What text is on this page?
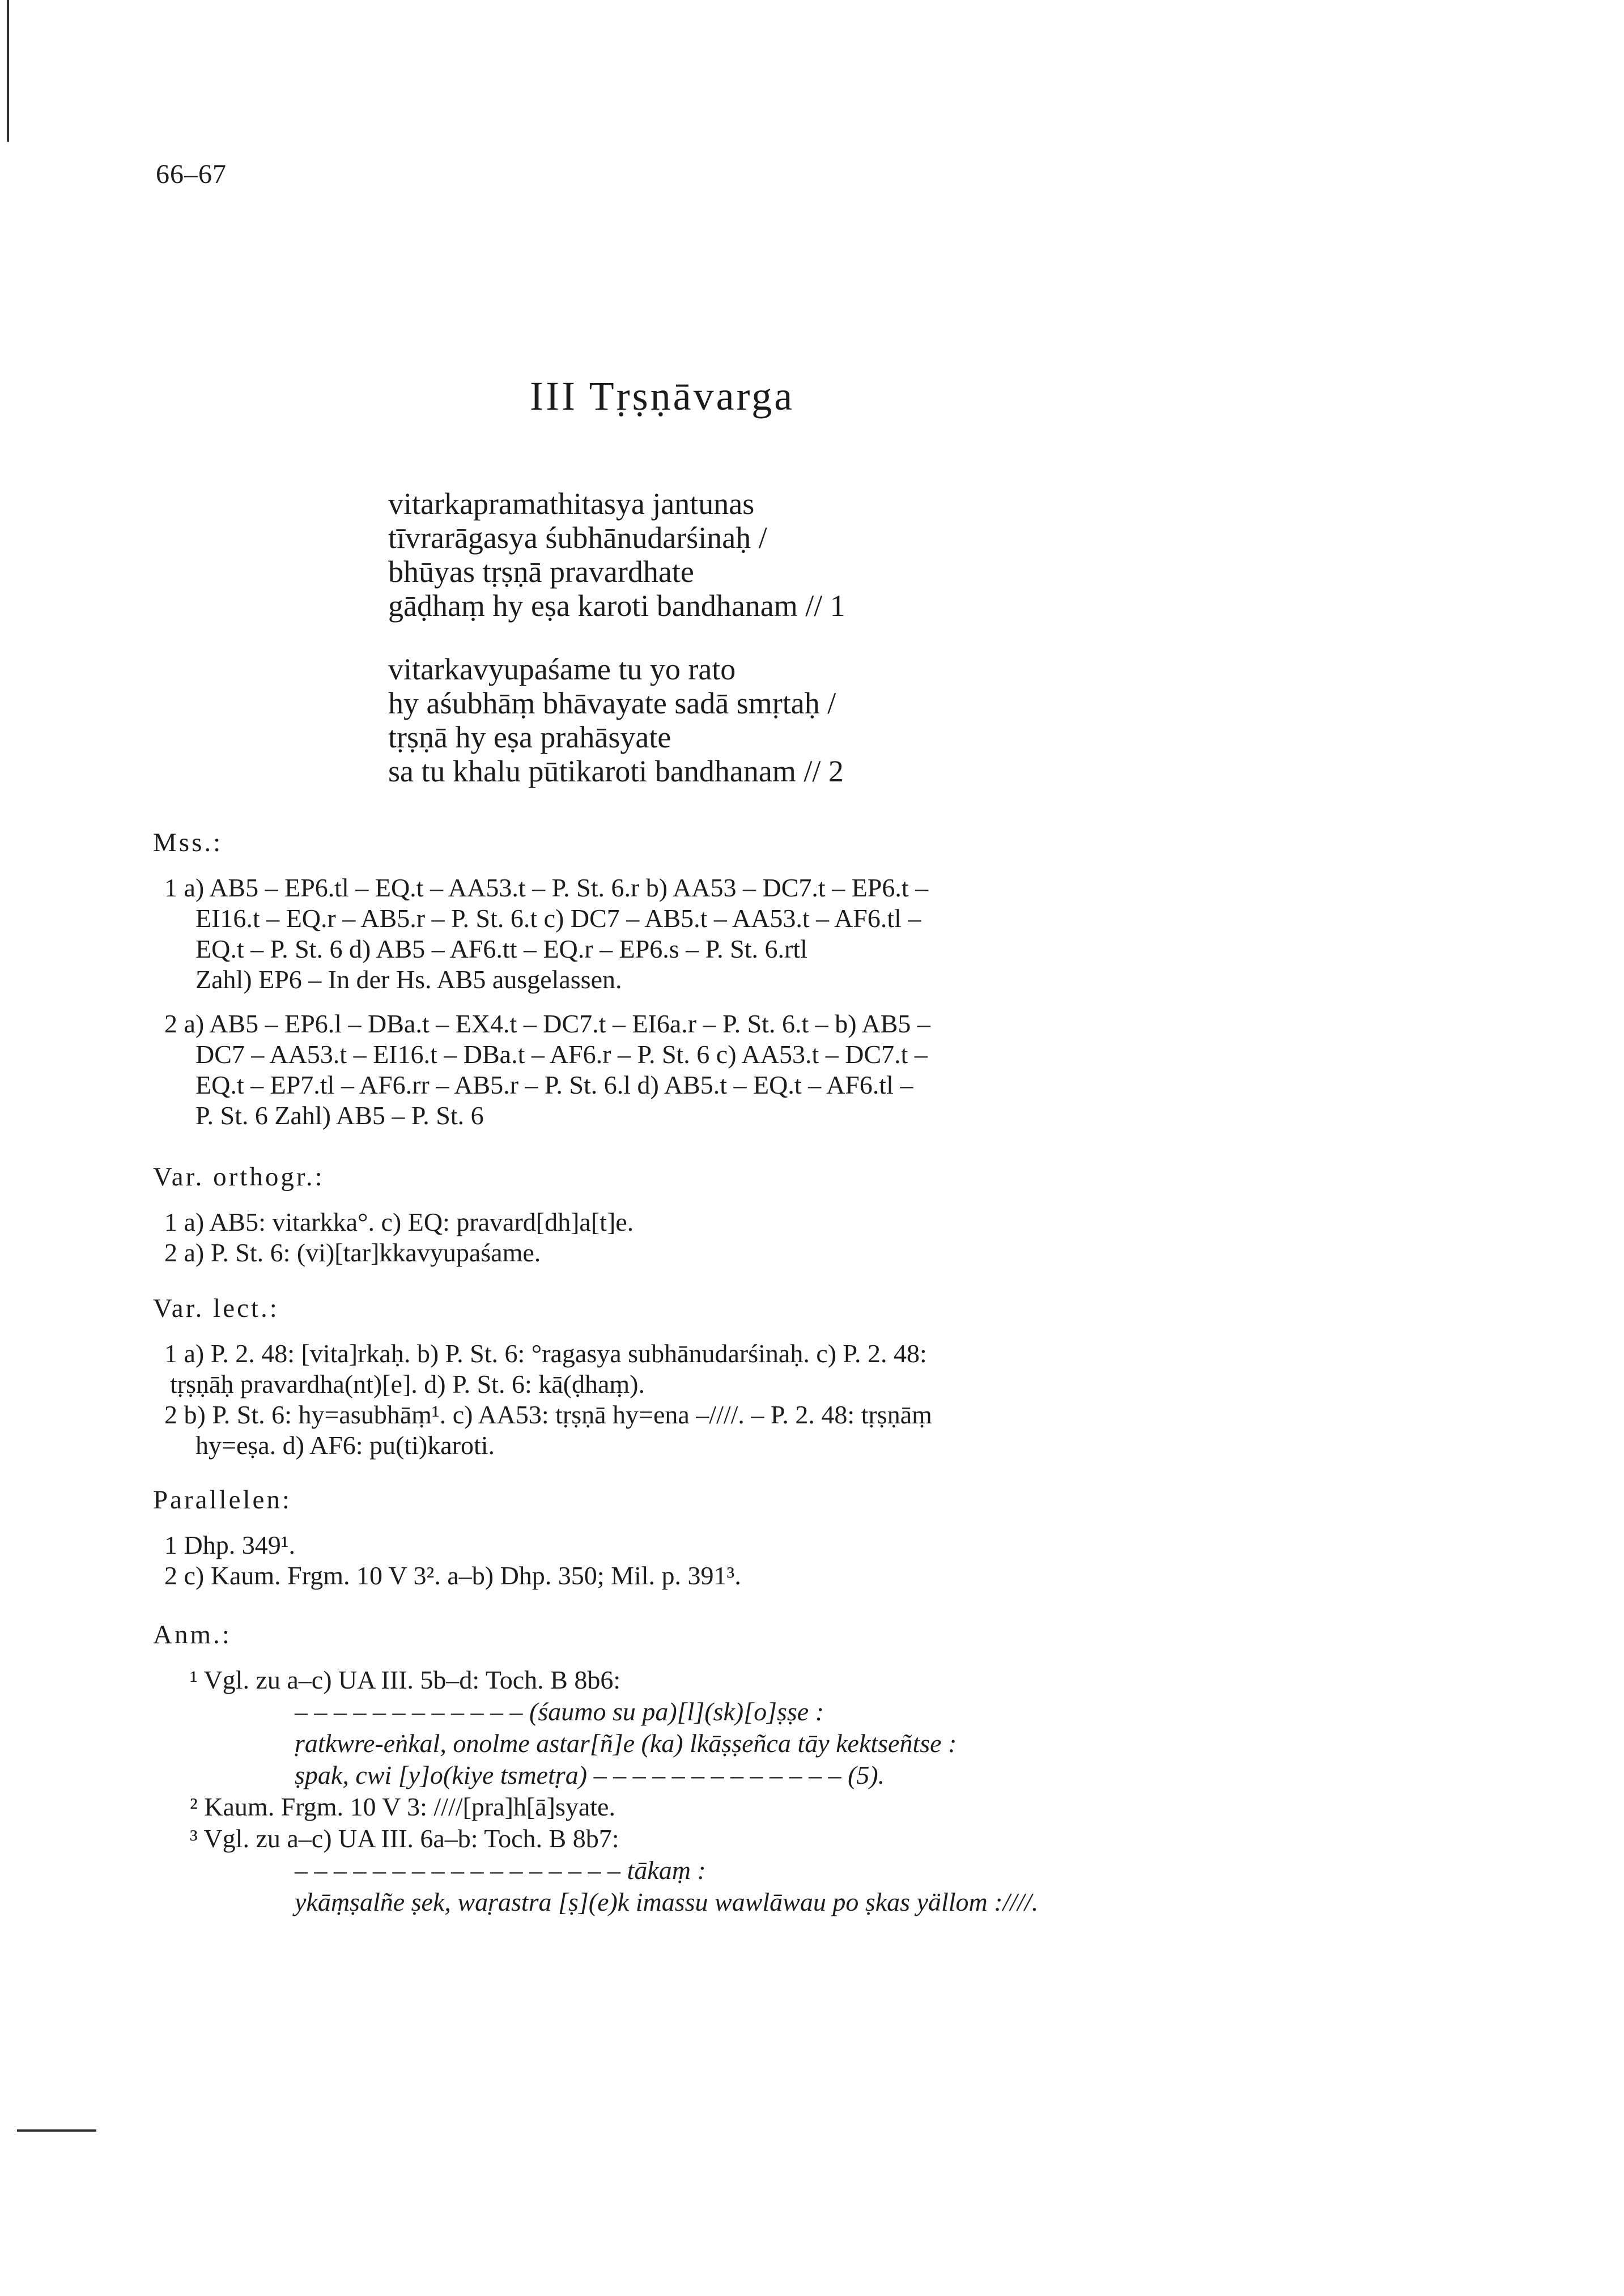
66–67
III Tṛṣṇāvarga
vitarkapramathitasya jantunas
tīvrarāgasya śubhānudarśinaḥ /
bhūyas tṛṣṇā pravardhate
gāḍhaṃ hy eṣa karoti bandhanam // 1
vitarkavyupaśame tu yo rato
hy aśubhāṃ bhāvayate sadā smṛtaḥ /
tṛṣṇā hy eṣa prahāsyate
sa tu khalu pūtikaroti bandhanam // 2
Mss.:
1 a) AB5 – EP6.tl – EQ.t – AA53.t – P. St. 6.r b) AA53 – DC7.t – EP6.t –
EI16.t – EQ.r – AB5.r – P. St. 6.t c) DC7 – AB5.t – AA53.t – AF6.tl –
EQ.t – P. St. 6 d) AB5 – AF6.tt – EQ.r – EP6.s – P. St. 6.rtl
Zahl) EP6 – In der Hs. AB5 ausgelassen.
2 a) AB5 – EP6.l – DBa.t – EX4.t – DC7.t – EI6a.r – P. St. 6.t – b) AB5 –
DC7 – AA53.t – EI16.t – DBa.t – AF6.r – P. St. 6 c) AA53.t – DC7.t –
EQ.t – EP7.tl – AF6.rr – AB5.r – P. St. 6.l d) AB5.t – EQ.t – AF6.tl –
P. St. 6 Zahl) AB5 – P. St. 6
Var. orthogr.:
1 a) AB5: vitarkka°. c) EQ: pravard[dh]a[t]e.
2 a) P. St. 6: (vi)[tar]kkavyupaśame.
Var. lect.:
1 a) P. 2. 48: [vita]rkaḥ. b) P. St. 6: °ragasya subhānudarśinaḥ. c) P. 2. 48:
tṛṣṇāḥ pravardha(nt)[e]. d) P. St. 6: kā(ḍhaṃ).
2 b) P. St. 6: hy=asubhāṃ¹. c) AA53: tṛṣṇā hy=ena –////. – P. 2. 48: tṛṣṇāṃ
hy=eṣa. d) AF6: pu(ti)karoti.
Parallelen:
1 Dhp. 349¹.
2 c) Kaum. Frgm. 10 V 3². a–b) Dhp. 350; Mil. p. 391³.
Anm.:
¹ Vgl. zu a–c) UA III. 5b–d: Toch. B 8b6:
– – – – – – – – – – – – (śaumo su pa)[l](sk)[o]ṣṣe :
ṛatkwre-eṅkal, onolme astar[ñ]e (ka) lkāṣṣeñca tāy kektseñtse :
ṣpak, cwi [y]o(kiye tsmetṛa) – – – – – – – – – – – – – (5).
² Kaum. Frgm. 10 V 3: ////[pra]h[ā]syate.
³ Vgl. zu a–c) UA III. 6a–b: Toch. B 8b7:
– – – – – – – – – – – – – – – – – tākaṃ :
ykāṃṣalñe ṣek, waṛastra [ṣ](e)k imassu wawlāwau po ṣkas yällom :////.
